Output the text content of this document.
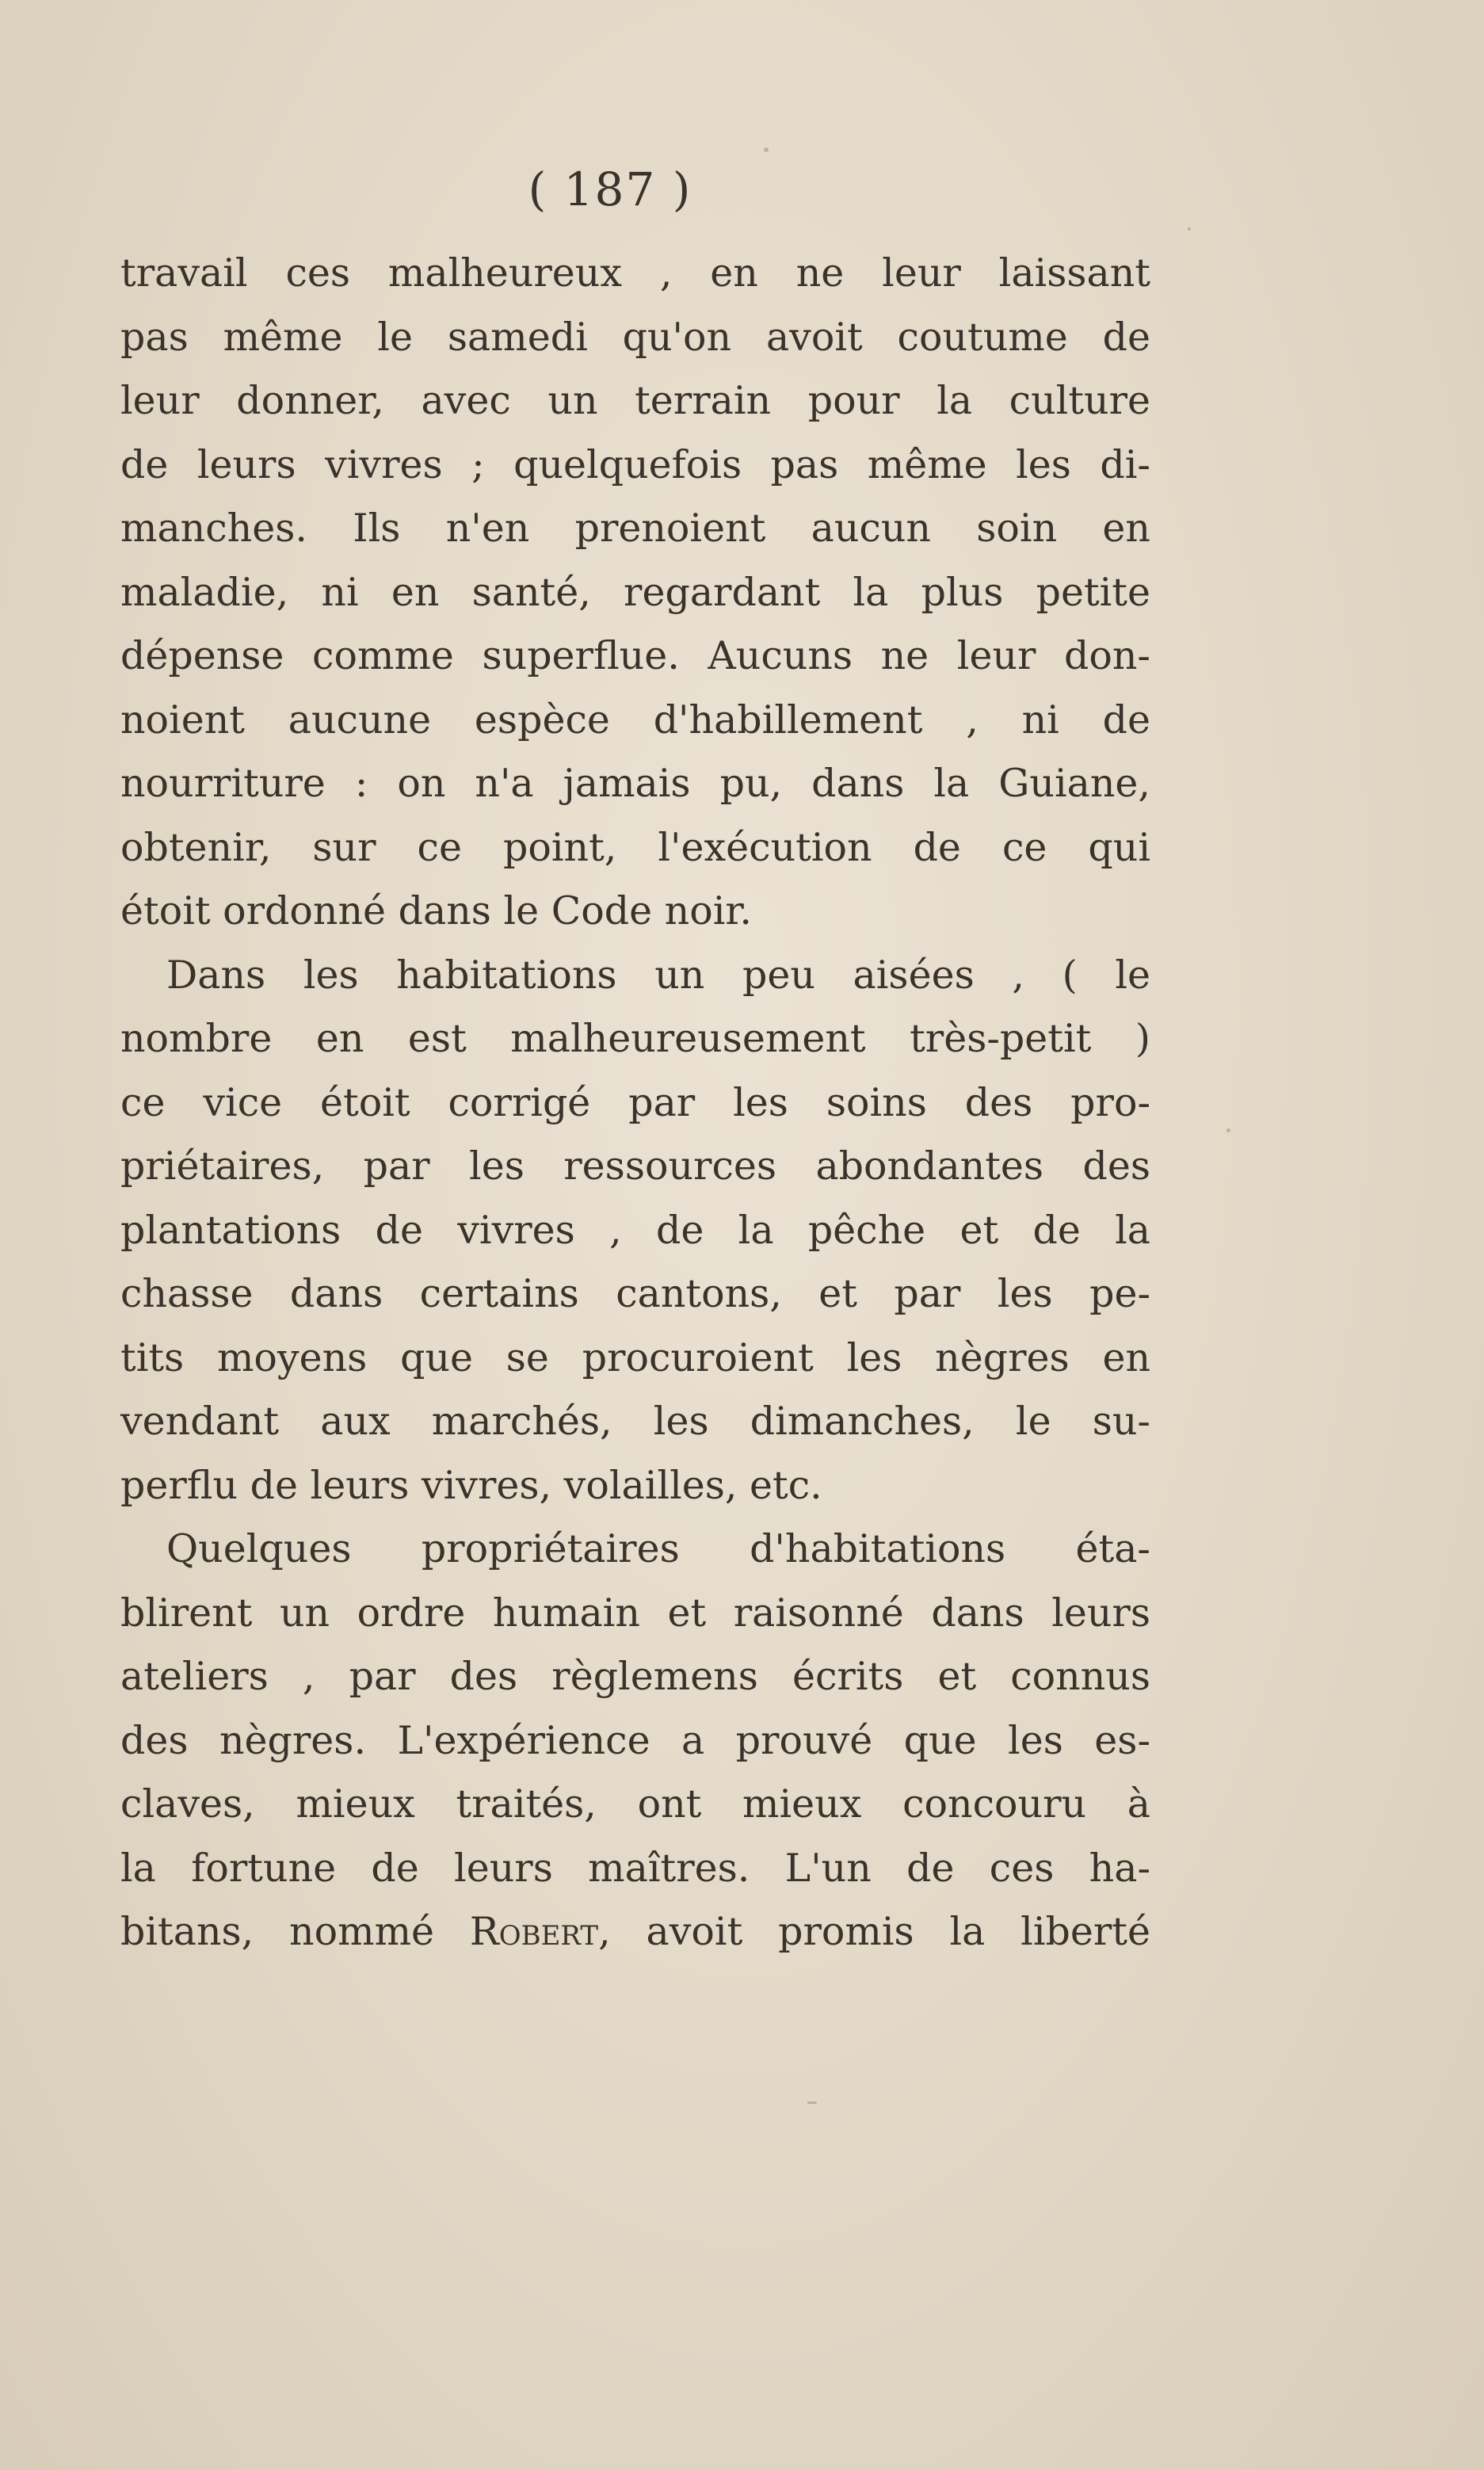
( 187 )
travail ces malheureux , en ne leur laissant
pas même le samedi qu'on avoit coutume de
leur donner, avec un terrain pour la culture
de leurs vivres ; quelquefois pas même les di-
manches. Ils n'en prenoient aucun soin en
maladie, ni en santé, regardant la plus petite
dépense comme superflue. Aucuns ne leur don-
noient aucune espèce d'habillement , ni de
nourriture : on n'a jamais pu, dans la Guiane,
obtenir, sur ce point, l'exécution de ce qui
étoit ordonné dans le Code noir.
Dans les habitations un peu aisées , ( le
nombre en est malheureusement très-petit )
ce vice étoit corrigé par les soins des pro-
priétaires, par les ressources abondantes des
plantations de vivres , de la pêche et de la
chasse dans certains cantons, et par les pe-
tits moyens que se procuroient les nègres en
vendant aux marchés, les dimanches, le su-
perflu de leurs vivres, volailles, etc.
Quelques propriétaires d'habitations éta-
blirent un ordre humain et raisonné dans leurs
ateliers , par des règlemens écrits et connus
des nègres. L'expérience a prouvé que les es-
claves, mieux traités, ont mieux concouru à
la fortune de leurs maîtres. L'un de ces ha-
bitans, nommé Robert, avoit promis la liberté
